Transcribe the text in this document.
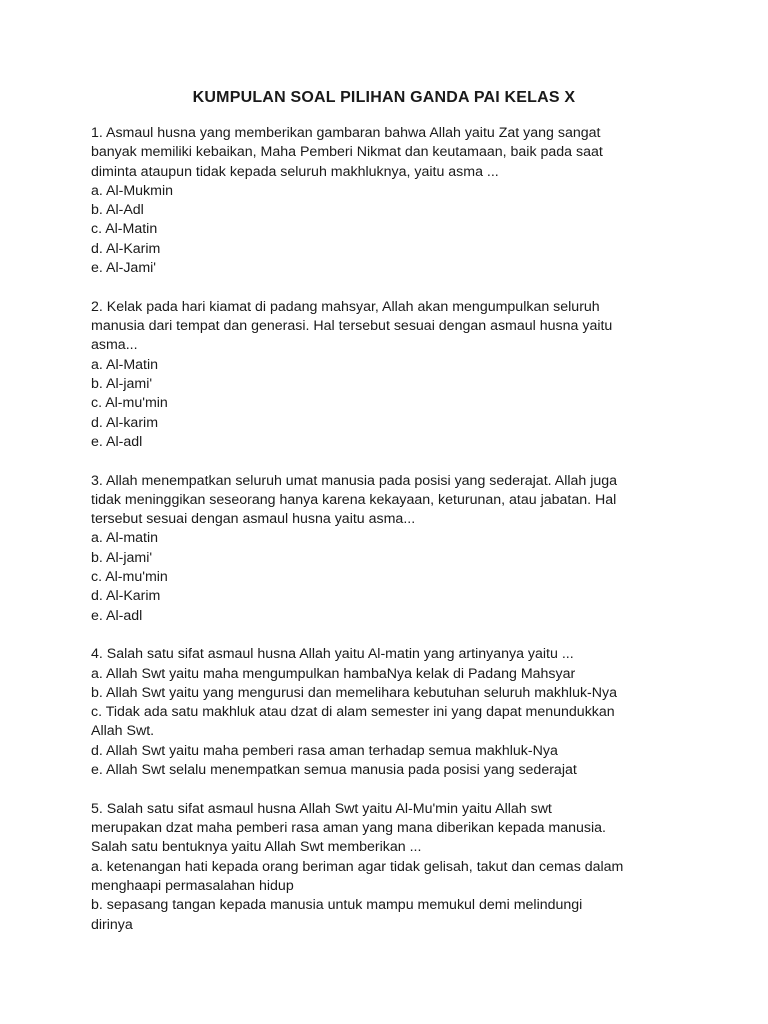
KUMPULAN SOAL PILIHAN GANDA PAI KELAS X

1. Asmaul husna yang memberikan gambaran bahwa Allah yaitu Zat yang sangat

banyak memiliki kebaikan, Maha Pemberi Nikmat dan keutamaan, baik pada saat

diminta ataupun tidak kepada seluruh makhluknya, yaitu asma ...

a. Al-Mukmin

b. Al-Adl

c. Al-Matin

d. Al-Karim

e. Al-Jami'

2. Kelak pada hari kiamat di padang mahsyar, Allah akan mengumpulkan seluruh

manusia dari tempat dan generasi. Hal tersebut sesuai dengan asmaul husna yaitu

asma...

a. Al-Matin

b. Al-jami'

c. Al-mu'min

d. Al-karim

e. Al-adl

3. Allah menempatkan seluruh umat manusia pada posisi yang sederajat. Allah juga

tidak meninggikan seseorang hanya karena kekayaan, keturunan, atau jabatan. Hal

tersebut sesuai dengan asmaul husna yaitu asma...

a. Al-matin

b. Al-jami'

c. Al-mu'min

d. Al-Karim

e. Al-adl

4. Salah satu sifat asmaul husna Allah yaitu Al-matin yang artinyanya yaitu ...

a. Allah Swt yaitu maha mengumpulkan hambaNya kelak di Padang Mahsyar

b. Allah Swt yaitu yang mengurusi dan memelihara kebutuhan seluruh makhluk-Nya

c. Tidak ada satu makhluk atau dzat di alam semester ini yang dapat menundukkan
Allah Swt.

d. Allah Swt yaitu maha pemberi rasa aman terhadap semua makhluk-Nya

e. Allah Swt selalu menempatkan semua manusia pada posisi yang sederajat

5. Salah satu sifat asmaul husna Allah Swt yaitu Al-Mu'min yaitu Allah swt

merupakan dzat maha pemberi rasa aman yang mana diberikan kepada manusia.

Salah satu bentuknya yaitu Allah Swt memberikan ...

a. ketenangan hati kepada orang beriman agar tidak gelisah, takut dan cemas dalam
menghaapi permasalahan hidup

b. sepasang tangan kepada manusia untuk mampu memukul demi melindungi
dirinya
